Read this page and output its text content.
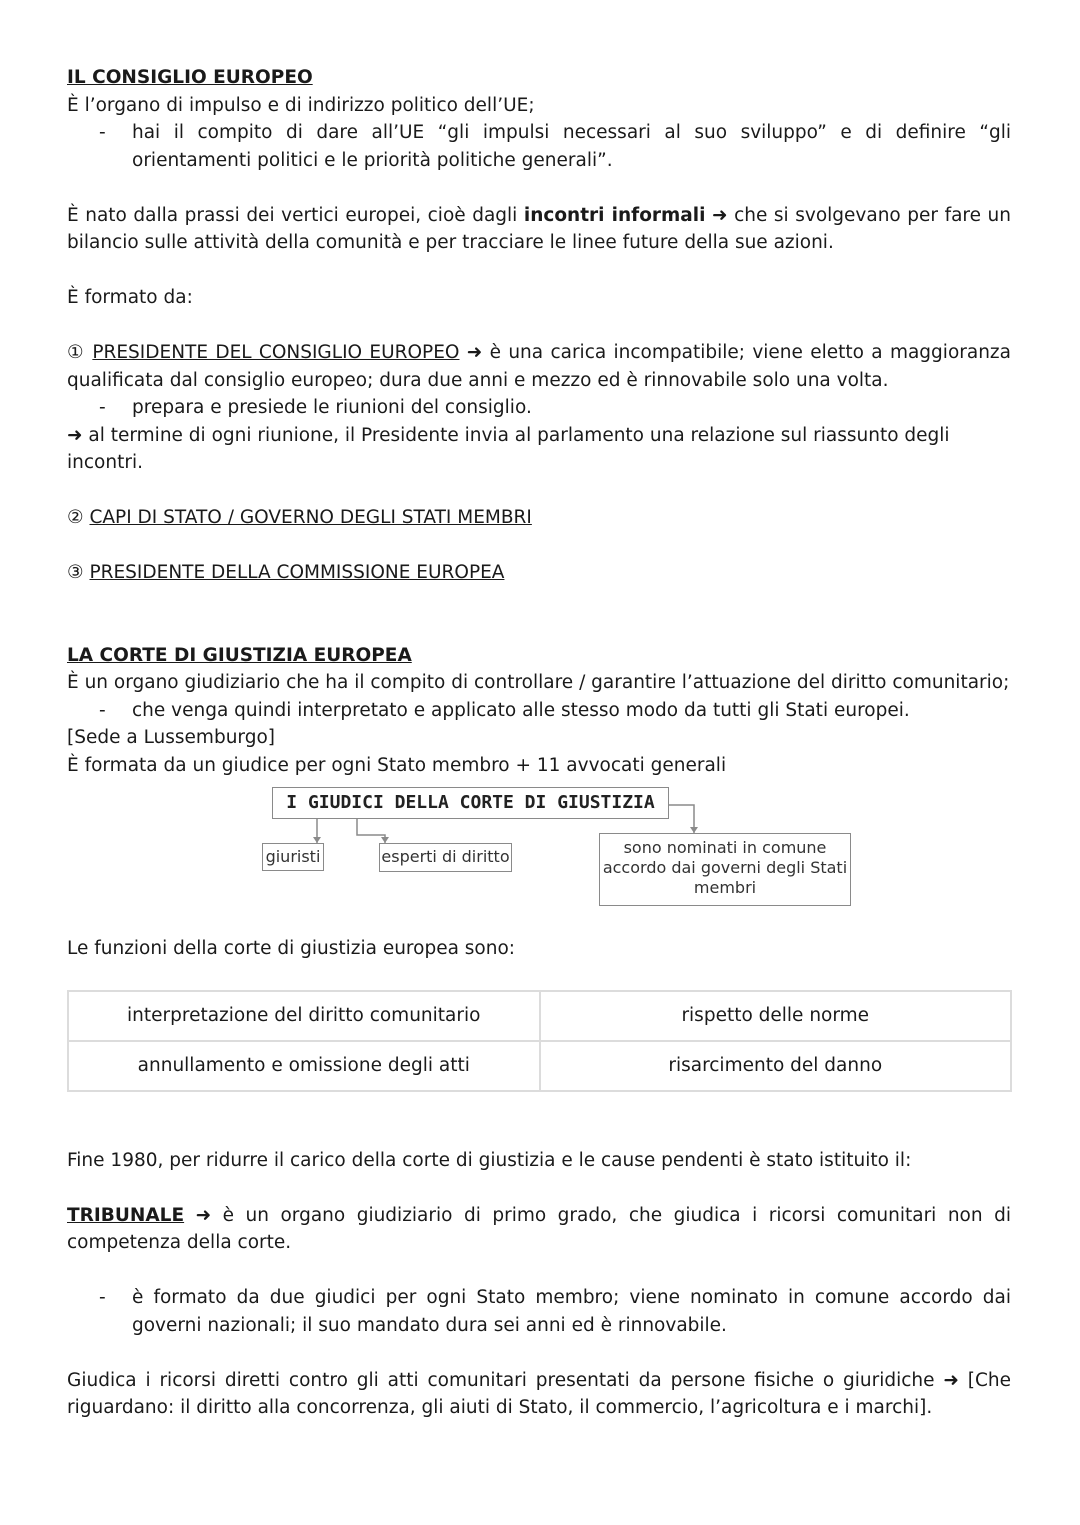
IL CONSIGLIO EUROPEO
È l’organo di impulso e di indirizzo politico dell’UE;
-	hai il compito di dare all’UE “gli impulsi necessari al suo sviluppo” e di definire “gli orientamenti politici e le priorità politiche generali”.
È nato dalla prassi dei vertici europei, cioè dagli incontri informali ➜ che si svolgevano per fare un bilancio sulle attività della comunità e per tracciare le linee future della sue azioni.
È formato da:
① PRESIDENTE DEL CONSIGLIO EUROPEO ➜ è una carica incompatibile; viene eletto a maggioranza qualificata dal consiglio europeo; dura due anni e mezzo ed è rinnovabile solo una volta.
-	prepara e presiede le riunioni del consiglio.
➜ al termine di ogni riunione, il Presidente invia al parlamento una relazione sul riassunto degli incontri.
② CAPI DI STATO / GOVERNO DEGLI STATI MEMBRI
③ PRESIDENTE DELLA COMMISSIONE EUROPEA
LA CORTE DI GIUSTIZIA EUROPEA
È un organo giudiziario che ha il compito di controllare / garantire l’attuazione del diritto comunitario;
-	che venga quindi interpretato e applicato alle stesso modo da tutti gli Stati europei.
[Sede a Lussemburgo]
È formata da un giudice per ogni Stato membro + 11 avvocati generali
I GIUDICI DELLA CORTE DI GIUSTIZIA
giuristi	esperti di diritto	sono nominati in comune accordo dai governi degli Stati membri
Le funzioni della corte di giustizia europea sono:
interpretazione del diritto comunitario	rispetto delle norme
annullamento e omissione degli atti	risarcimento del danno
Fine 1980, per ridurre il carico della corte di giustizia e le cause pendenti è stato istituito il:
TRIBUNALE ➜ è un organo giudiziario di primo grado, che giudica i ricorsi comunitari non di competenza della corte.
-	è formato da due giudici per ogni Stato membro; viene nominato in comune accordo dai governi nazionali; il suo mandato dura sei anni ed è rinnovabile.
Giudica i ricorsi diretti contro gli atti comunitari presentati da persone fisiche o giuridiche ➜ [Che riguardano: il diritto alla concorrenza, gli aiuti di Stato, il commercio, l’agricoltura e i marchi].
